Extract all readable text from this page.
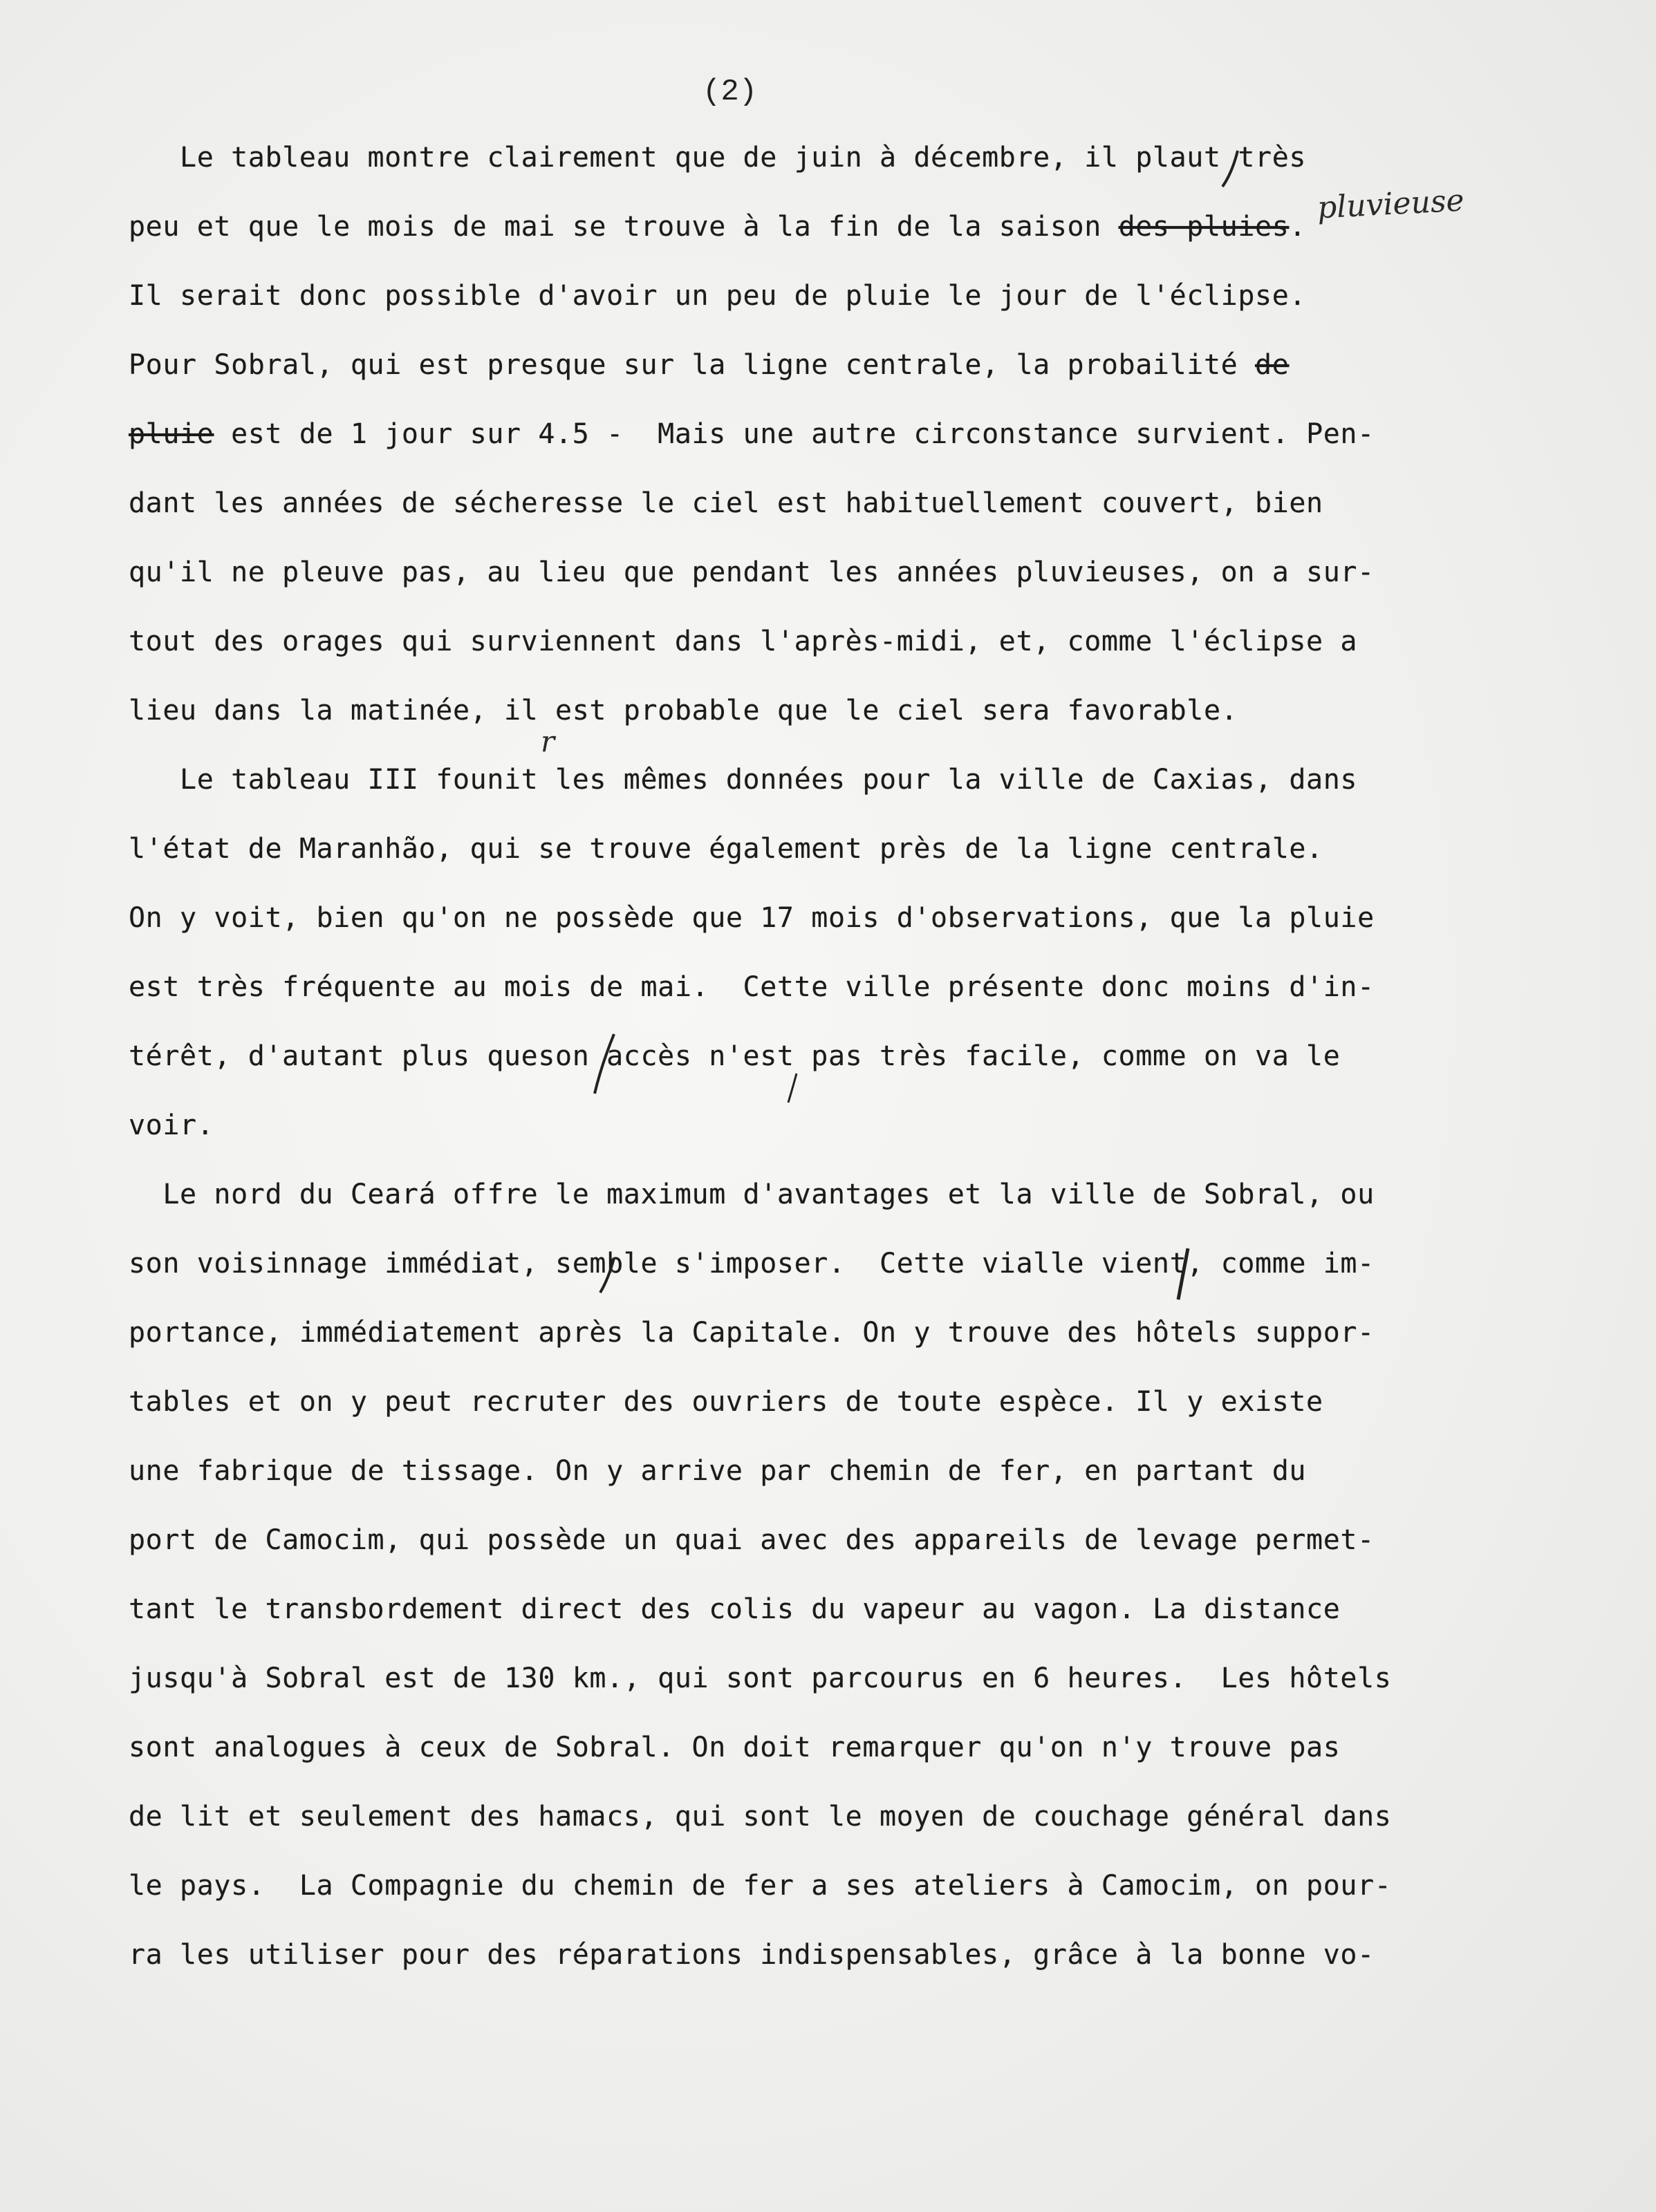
(2)
Le tableau montre clairement que de juin à décembre, il plaut très
peu et que le mois de mai se trouve à la fin de la saison des pluies.
pluvieuse
Il serait donc possible d'avoir un peu de pluie le jour de l'éclipse.
Pour Sobral, qui est presque sur la ligne centrale, la probailité de
pluie est de 1 jour sur 4.5 -  Mais une autre circonstance survient. Pen-
dant les années de sécheresse le ciel est habituellement couvert, bien
qu'il ne pleuve pas, au lieu que pendant les années pluvieuses, on a sur-
tout des orages qui surviennent dans l'après-midi, et, comme l'éclipse a
lieu dans la matinée, il est probable que le ciel sera favorable.
Le tableau III founit les mêmes données pour la ville de Caxias, dans
r
l'état de Maranhão, qui se trouve également près de la ligne centrale.
On y voit, bien qu'on ne possède que 17 mois d'observations, que la pluie
est très fréquente au mois de mai.  Cette ville présente donc moins d'in-
térêt, d'autant plus queson accès n'est pas très facile, comme on va le
voir.
Le nord du Ceará offre le maximum d'avantages et la ville de Sobral, ou
son voisinnage immédiat, semble s'imposer.  Cette vialle vient, comme im-
portance, immédiatement après la Capitale. On y trouve des hôtels suppor-
tables et on y peut recruter des ouvriers de toute espèce. Il y existe
une fabrique de tissage. On y arrive par chemin de fer, en partant du
port de Camocim, qui possède un quai avec des appareils de levage permet-
tant le transbordement direct des colis du vapeur au vagon. La distance
jusqu'à Sobral est de 130 km., qui sont parcourus en 6 heures.  Les hôtels
sont analogues à ceux de Sobral. On doit remarquer qu'on n'y trouve pas
de lit et seulement des hamacs, qui sont le moyen de couchage général dans
le pays.  La Compagnie du chemin de fer a ses ateliers à Camocim, on pour-
ra les utiliser pour des réparations indispensables, grâce à la bonne vo-
